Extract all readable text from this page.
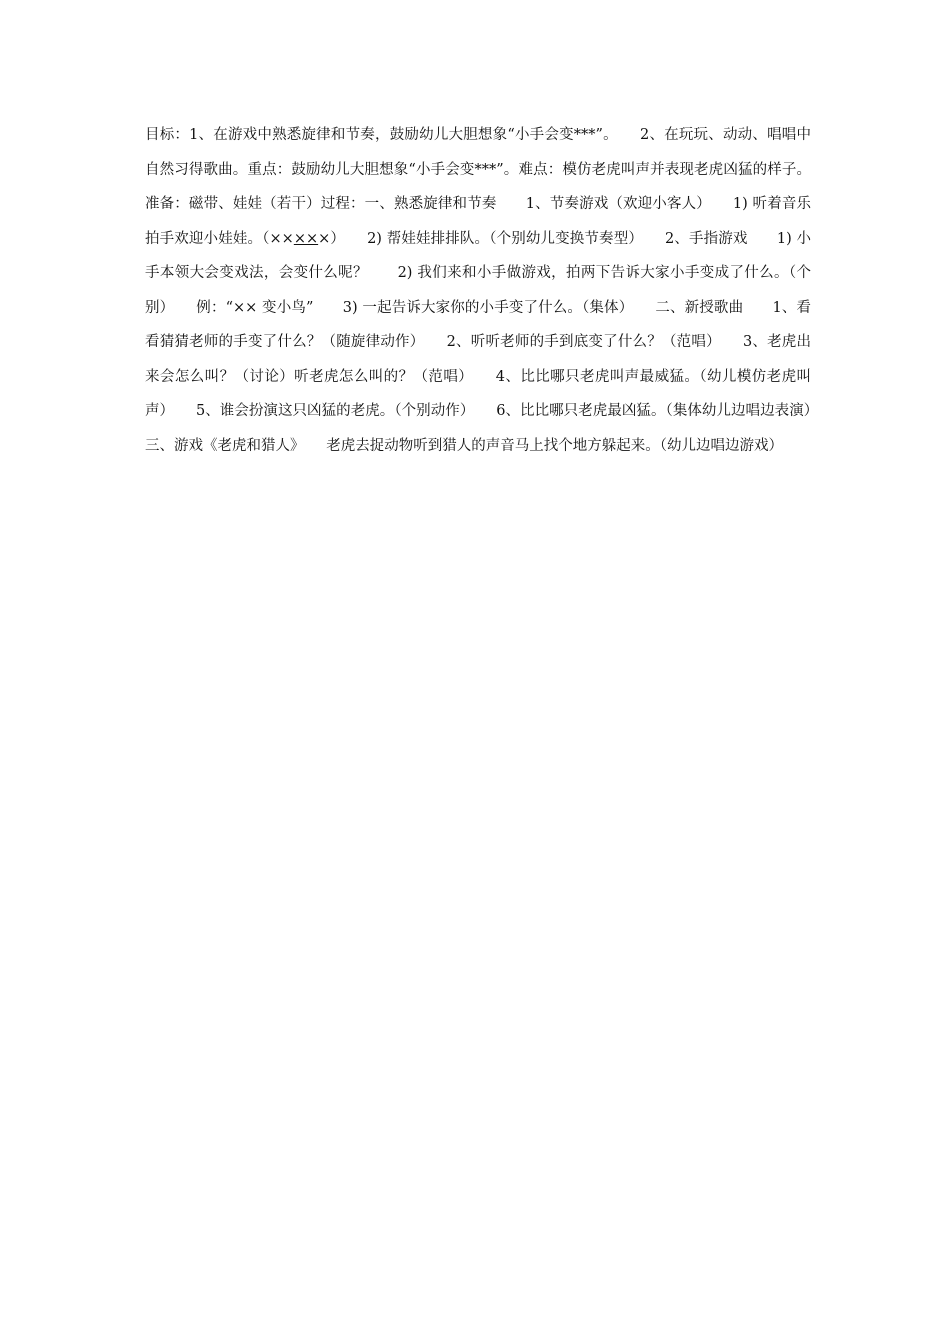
目标：1、在游戏中熟悉旋律和节奏，鼓励幼儿大胆想象“小手会变***”。　　2、在玩玩、动动、唱唱中自然习得歌曲。重点：鼓励幼儿大胆想象“小手会变***”。难点：模仿老虎叫声并表现老虎凶猛的样子。准备：磁带、娃娃（若干）过程：一、熟悉旋律和节奏　　1、节奏游戏（欢迎小客人）　　1) 听着音乐拍手欢迎小娃娃。（×××××）　　2) 帮娃娃排排队。（个别幼儿变换节奏型）　　2、手指游戏　　1) 小手本领大会变戏法，会变什么呢？　　2) 我们来和小手做游戏，拍两下告诉大家小手变成了什么。（个别）　　例：“×× 变小鸟”　　3) 一起告诉大家你的小手变了什么。（集体）　　二、新授歌曲　　1、看看猜猜老师的手变了什么？（随旋律动作）　　2、听听老师的手到底变了什么？（范唱）　　3、老虎出来会怎么叫？（讨论）听老虎怎么叫的？（范唱）　　4、比比哪只老虎叫声最威猛。（幼儿模仿老虎叫声）　　5、谁会扮演这只凶猛的老虎。（个别动作）　　6、比比哪只老虎最凶猛。（集体幼儿边唱边表演）　　三、游戏《老虎和猎人》　　老虎去捉动物听到猎人的声音马上找个地方躲起来。（幼儿边唱边游戏）
